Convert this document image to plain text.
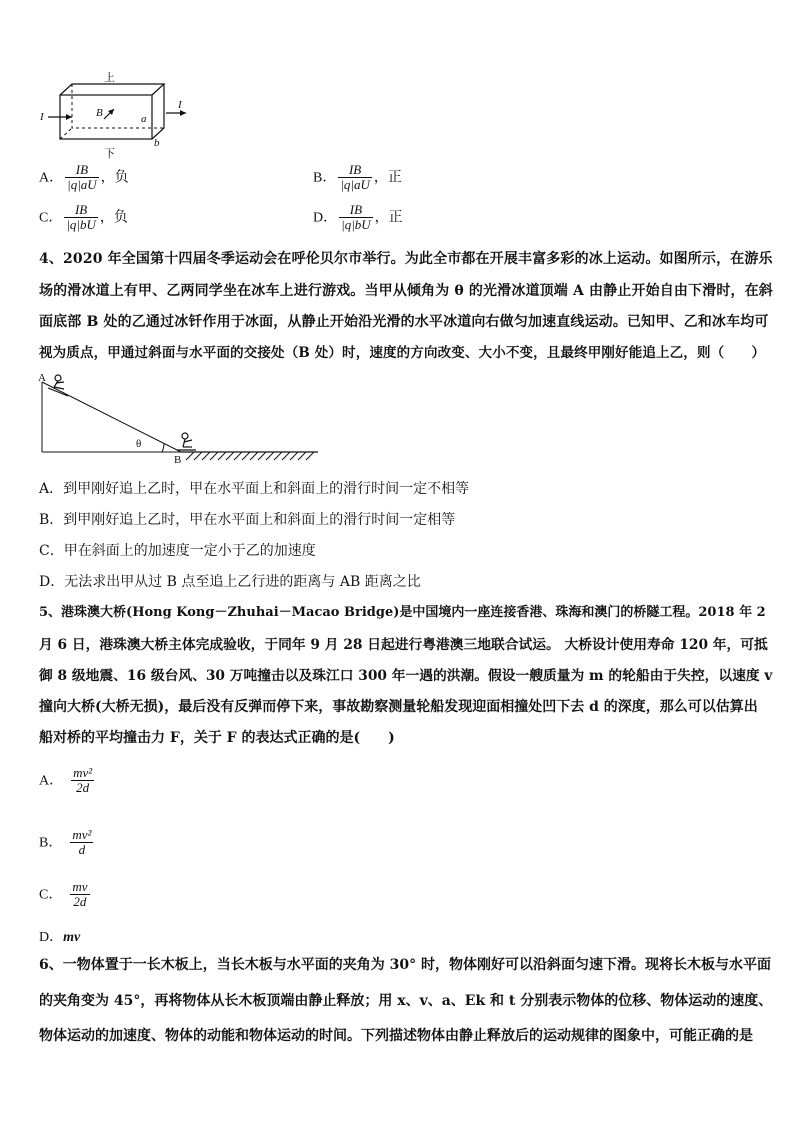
上
下
I
I
B	a
b
A． $\frac{IB}{|q|aU}$ ，负	B． $\frac{IB}{|q|aU}$ ，正
C． $\frac{IB}{|q|bU}$ ，负	D． $\frac{IB}{|q|bU}$ ，正
4、2020 年全国第十四届冬季运动会在呼伦贝尔市举行。为此全市都在开展丰富多彩的冰上运动。如图所示，在游乐
场的滑冰道上有甲、乙两同学坐在冰车上进行游戏。当甲从倾角为 θ 的光滑冰道顶端 A 由静止开始自由下滑时，在斜
面底部 B 处的乙通过冰钎作用于冰面，从静止开始沿光滑的水平冰道向右做匀加速直线运动。已知甲、乙和冰车均可
视为质点，甲通过斜面与水平面的交接处（B 处）时，速度的方向改变、大小不变，且最终甲刚好能追上乙，则（　　）
A
B
θ
A．到甲刚好追上乙时，甲在水平面上和斜面上的滑行时间一定不相等
B．到甲刚好追上乙时，甲在水平面上和斜面上的滑行时间一定相等
C．甲在斜面上的加速度一定小于乙的加速度
D．无法求出甲从过 B 点至追上乙行进的距离与 AB 距离之比
5、港珠澳大桥(Hong Kong－Zhuhai－Macao Bridge)是中国境内一座连接香港、珠海和澳门的桥隧工程。2018 年 2
月 6 日，港珠澳大桥主体完成验收，于同年 9 月 28 日起进行粤港澳三地联合试运。 大桥设计使用寿命 120 年，可抵
御 8 级地震、16 级台风、30 万吨撞击以及珠江口 300 年一遇的洪潮。假设一艘质量为 m 的轮船由于失控，以速度 v
撞向大桥(大桥无损)，最后没有反弹而停下来，事故勘察测量轮船发现迎面相撞处凹下去 d 的深度，那么可以估算出
船对桥的平均撞击力 F，关于 F 的表达式正确的是(　　)
A． $\frac{\text{mv²}}{2d}$
B． $\frac{\text{mv²}}{d}$
C． $\frac{mv}{2d}$
D．mv
6、一物体置于一长木板上，当长木板与水平面的夹角为 30° 时，物体刚好可以沿斜面匀速下滑。现将长木板与水平面
的夹角变为 45°，再将物体从长木板顶端由静止释放；用 x、v、a、Ek 和 t 分别表示物体的位移、物体运动的速度、
物体运动的加速度、物体的动能和物体运动的时间。下列描述物体由静止释放后的运动规律的图象中，可能正确的是
